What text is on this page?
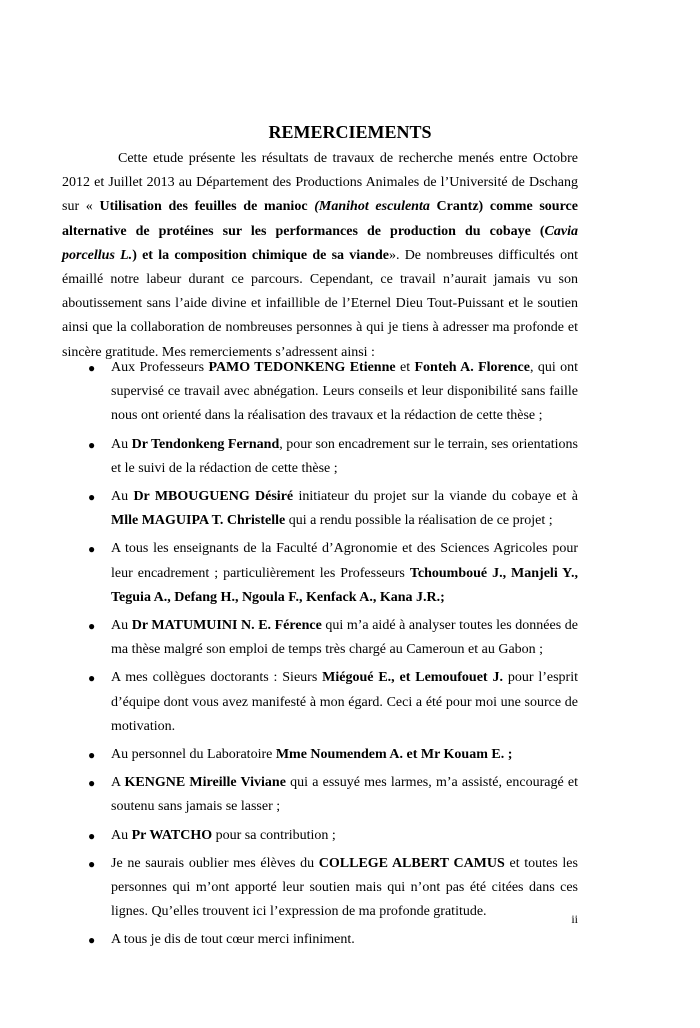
REMERCIEMENTS

Cette etude présente les résultats de travaux de recherche menés entre Octobre 2012 et Juillet 2013 au Département des Productions Animales de l’Université de Dschang sur « Utilisation des feuilles de manioc (Manihot esculenta Crantz) comme source alternative de protéines sur les performances de production du cobaye (Cavia porcellus L.) et la composition chimique de sa viande». De nombreuses difficultés ont émaillé notre labeur durant ce parcours. Cependant, ce travail n’aurait jamais vu son aboutissement sans l’aide divine et infaillible de l’Eternel Dieu Tout-Puissant et le soutien ainsi que la collaboration de nombreuses personnes à qui je tiens à adresser ma profonde et sincère gratitude. Mes remerciements s’adressent ainsi :

● Aux Professeurs PAMO TEDONKENG Etienne et Fonteh A. Florence, qui ont supervisé ce travail avec abnégation. Leurs conseils et leur disponibilité sans faille nous ont orienté dans la réalisation des travaux et la rédaction de cette thèse ;
● Au Dr Tendonkeng Fernand, pour son encadrement sur le terrain, ses orientations et le suivi de la rédaction de cette thèse ;
● Au Dr MBOUGUENG Désiré initiateur du projet sur la viande du cobaye et à Mlle MAGUIPA T. Christelle qui a rendu possible la réalisation de ce projet ;
● A tous les enseignants de la Faculté d’Agronomie et des Sciences Agricoles pour leur encadrement ; particulièrement les Professeurs Tchoumboué J., Manjeli Y., Teguia A., Defang H., Ngoula F., Kenfack A., Kana J.R.;
● Au Dr MATUMUINI N. E. Férence qui m’a aidé à analyser toutes les données de ma thèse malgré son emploi de temps très chargé au Cameroun et au Gabon ;
● A mes collègues doctorants : Sieurs Miégoué E., et Lemoufouet J. pour l’esprit d’équipe dont vous avez manifesté à mon égard. Ceci a été pour moi une source de motivation.
● Au personnel du Laboratoire Mme Noumendem A. et Mr Kouam E. ;
● A KENGNE Mireille Viviane qui a essuyé mes larmes, m’a assisté, encouragé et soutenu sans jamais se lasser ;
● Au Pr WATCHO pour sa contribution ;
● Je ne saurais oublier mes élèves du COLLEGE ALBERT CAMUS et toutes les personnes qui m’ont apporté leur soutien mais qui n’ont pas été citées dans ces lignes. Qu’elles trouvent ici l’expression de ma profonde gratitude.
● A tous je dis de tout cœur merci infiniment.
ii
